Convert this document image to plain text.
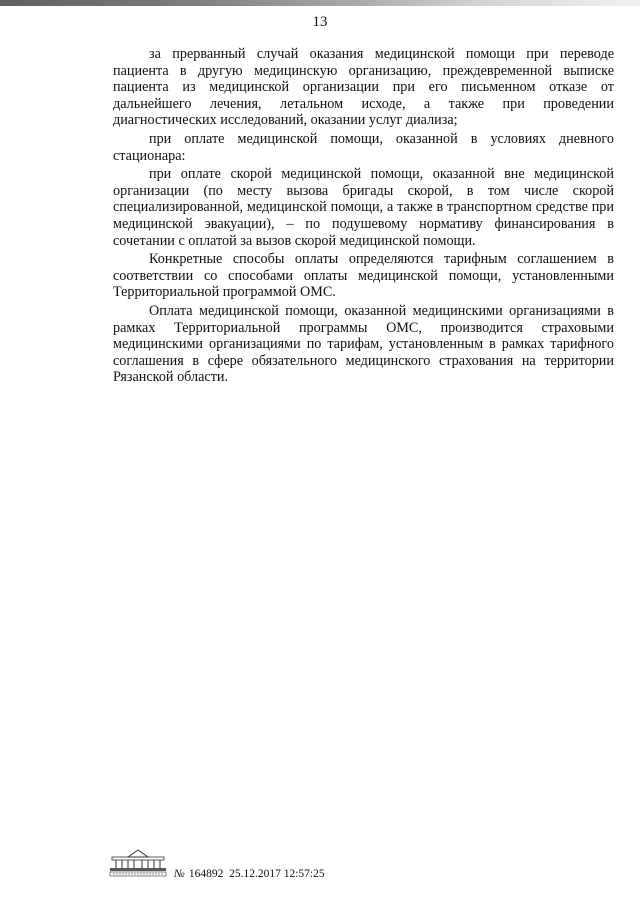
13

за прерванный случай оказания медицинской помощи при переводе пациента в другую медицинскую организацию, преждевременной выписке пациента из медицинской организации при его письменном отказе от дальнейшего лечения, летальном исходе, а также при проведении диагностических исследований, оказании услуг диализа;

при оплате медицинской помощи, оказанной в условиях дневного стационара:

при оплате скорой медицинской помощи, оказанной вне медицинской организации (по месту вызова бригады скорой, в том числе скорой специализированной, медицинской помощи, а также в транспортном средстве при медицинской эвакуации), – по подушевому нормативу финансирования в сочетании с оплатой за вызов скорой медицинской помощи.

Конкретные способы оплаты определяются тарифным соглашением в соответствии со способами оплаты медицинской помощи, установленными Территориальной программой ОМС.

Оплата медицинской помощи, оказанной медицинскими организациями в рамках Территориальной программы ОМС, производится страховыми медицинскими организациями по тарифам, установленным в рамках тарифного соглашения в сфере обязательного медицинского страхования на территории Рязанской области.

№ 164892 25.12.2017 12:57:25
